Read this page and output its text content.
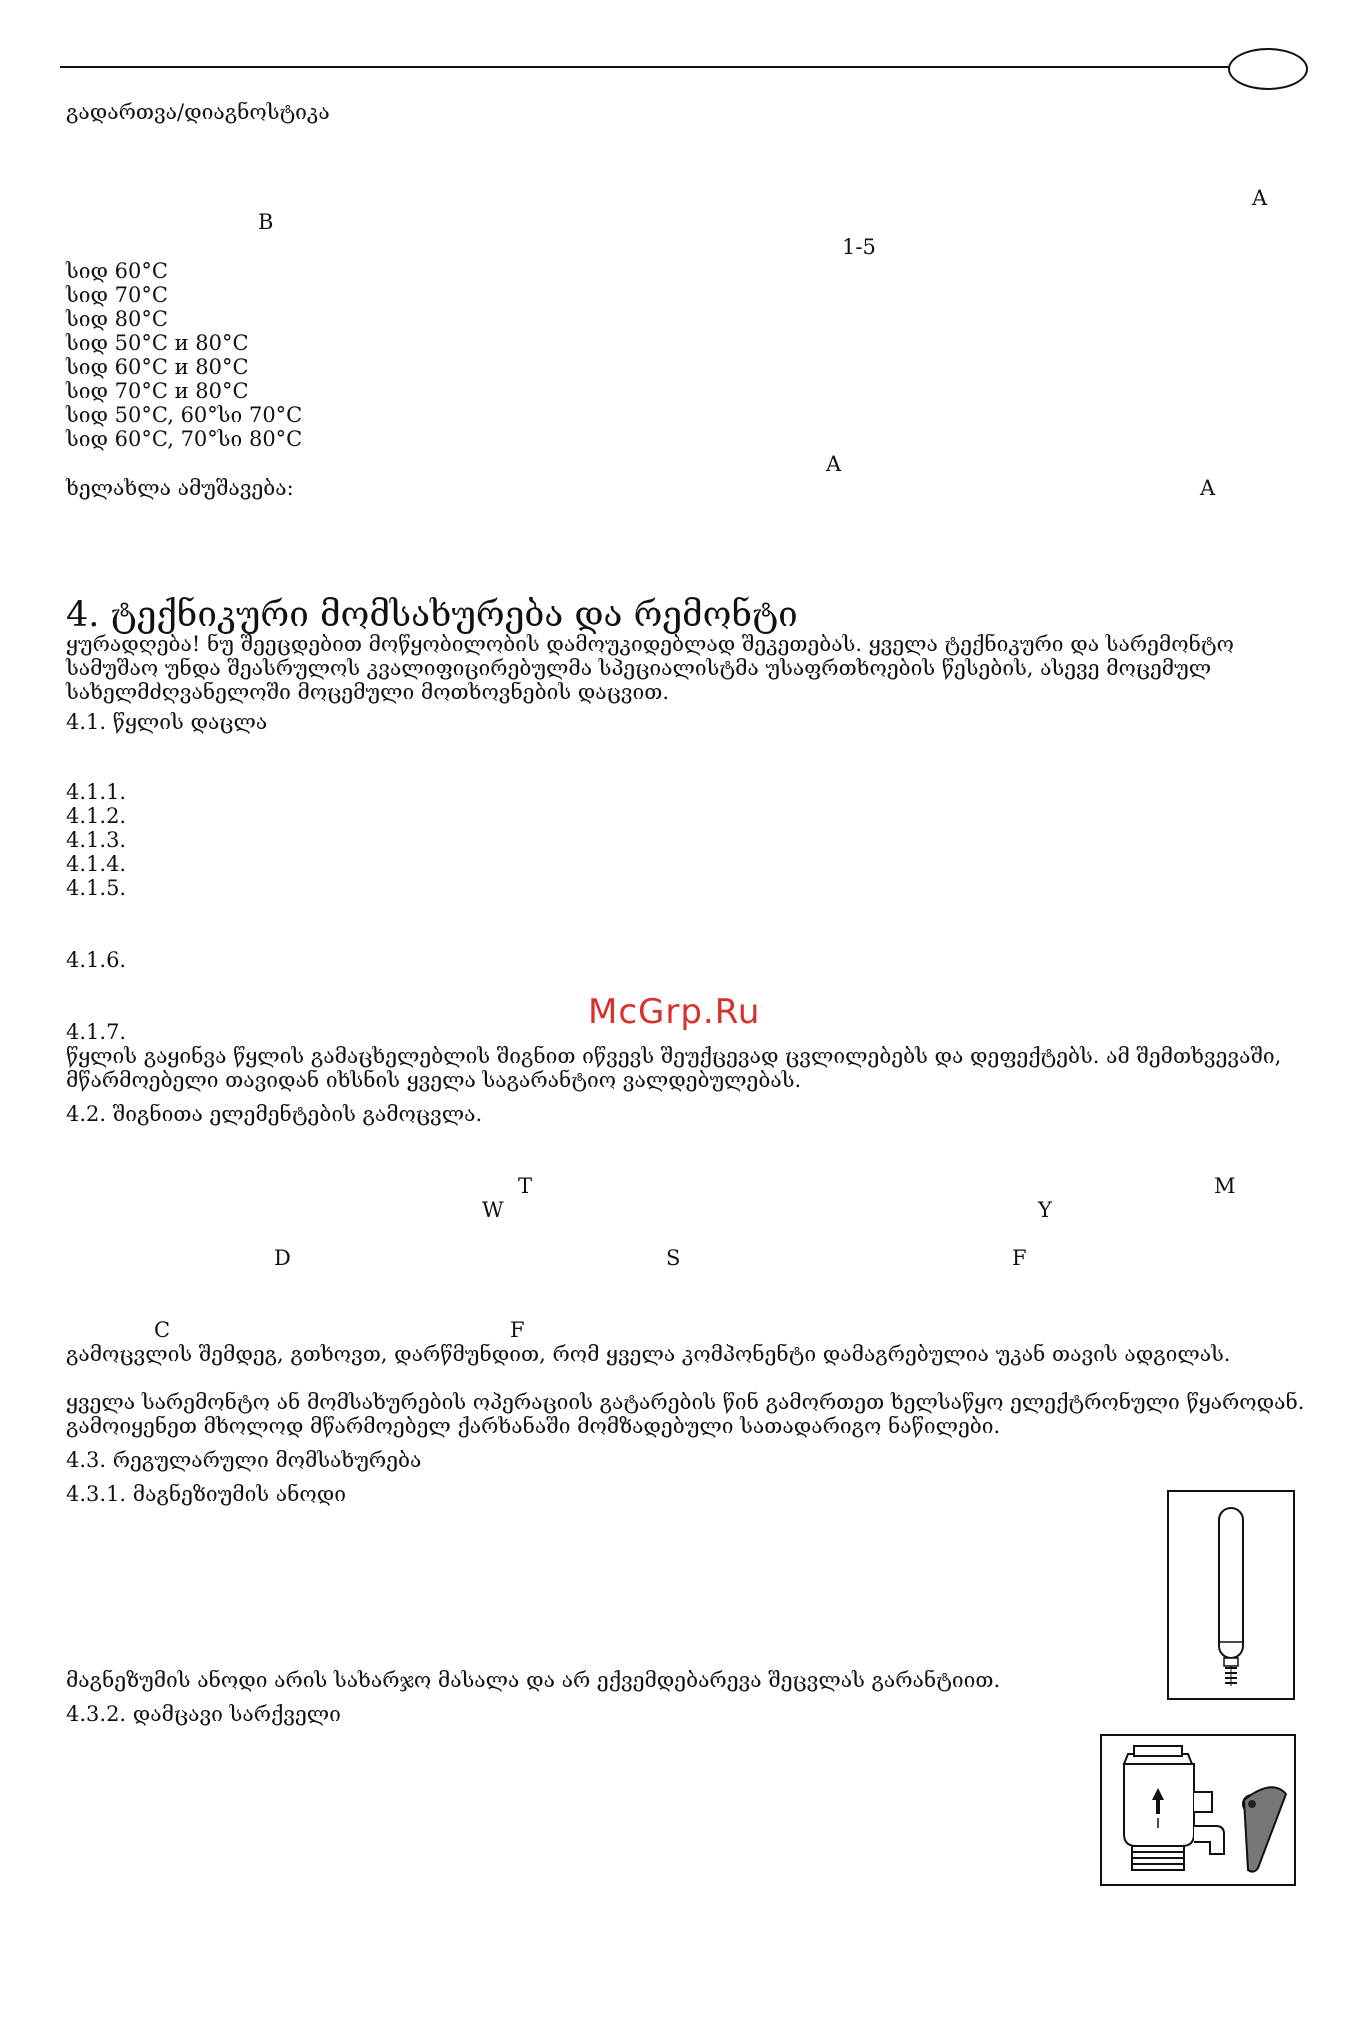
გადართვა/დიაგნოსტიკა
A
B
1-5
სიდ 60°C
სიდ 70°C
სიდ 80°C
სიდ 50°C и 80°C
სიდ 60°C и 80°C
სიდ 70°C и 80°C
სიდ 50°C, 60°სი 70°C
სიდ 60°C, 70°სი 80°C
A
ხელახლა ამუშავება:	A
4. ტექნიკური მომსახურება და რემონტი
ყურადღება! ნუ შეეცდებით მოწყობილობის დამოუკიდებლად შეკეთებას. ყველა ტექნიკური და სარემონტო
სამუშაო უნდა შეასრულოს კვალიფიცირებულმა სპეციალისტმა უსაფრთხოების წესების, ასევე მოცემულ
სახელმძღვანელოში მოცემული მოთხოვნების დაცვით.
4.1. წყლის დაცლა
4.1.1.
4.1.2.
4.1.3.
4.1.4.
4.1.5.
4.1.6.
4.1.7.	McGrp.Ru
წყლის გაყინვა წყლის გამაცხელებლის შიგნით იწვევს შეუქცევად ცვლილებებს და დეფექტებს. ამ შემთხვევაში,
მწარმოებელი თავიდან იხსნის ყველა საგარანტიო ვალდებულებას.
4.2. შიგნითა ელემენტების გამოცვლა.
T	M
W	Y
D	S	F
C	F
გამოცვლის შემდეგ, გთხოვთ, დარწმუნდით, რომ ყველა კომპონენტი დამაგრებულია უკან თავის ადგილას.
ყველა სარემონტო ან მომსახურების ოპერაციის გატარების წინ გამორთეთ ხელსაწყო ელექტრონული წყაროდან.
გამოიყენეთ მხოლოდ მწარმოებელ ქარხანაში მომზადებული სათადარიგო ნაწილები.
4.3. რეგულარული მომსახურება
4.3.1. მაგნეზიუმის ანოდი
მაგნეზუმის ანოდი არის სახარჯო მასალა და არ ექვემდებარევა შეცვლას გარანტიით.
4.3.2. დამცავი სარქველი
